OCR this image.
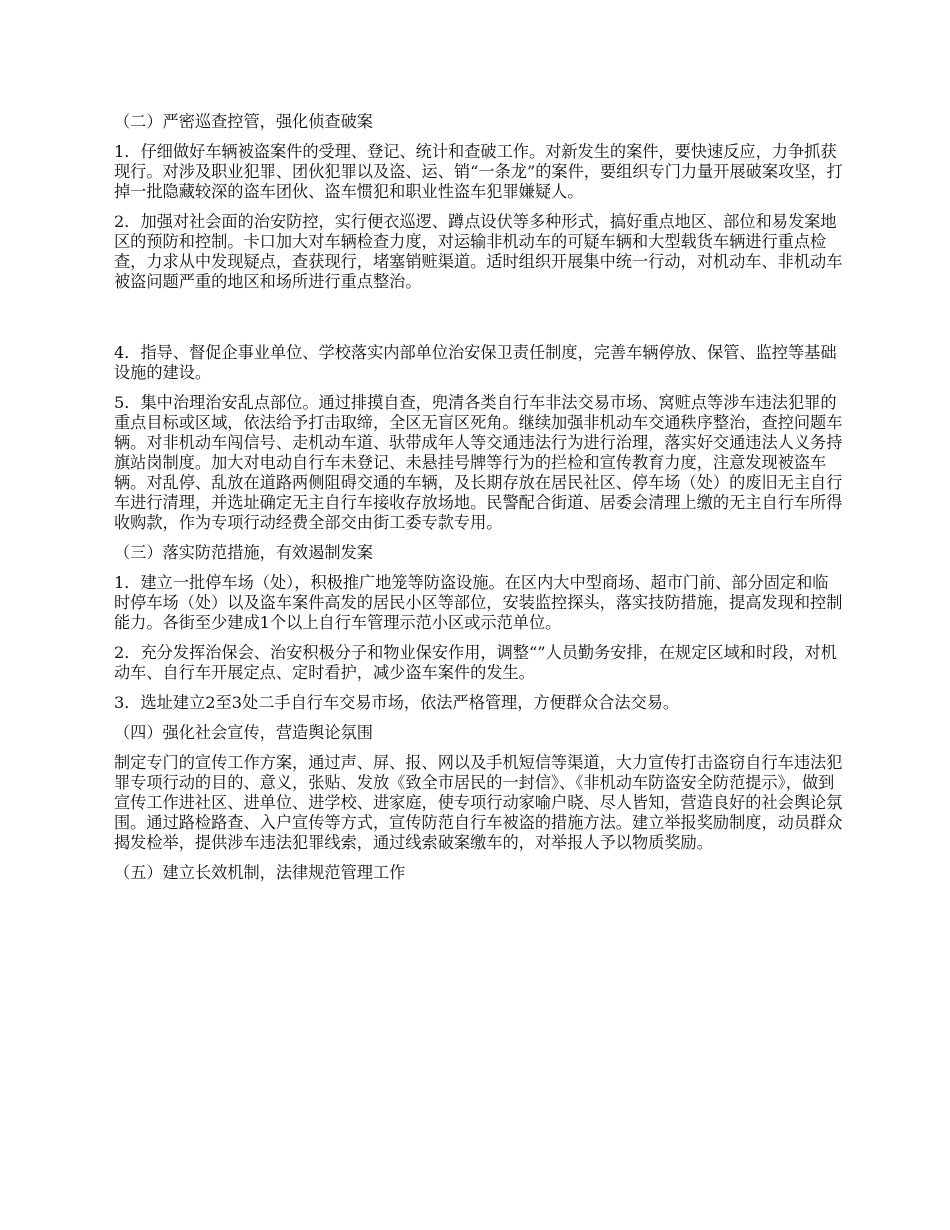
（二）严密巡查控管，强化侦查破案

1．仔细做好车辆被盗案件的受理、登记、统计和查破工作。对新发生的案件，要快速反应，力争抓获现行。对涉及职业犯罪、团伙犯罪以及盗、运、销“一条龙”的案件，要组织专门力量开展破案攻坚，打掉一批隐藏较深的盗车团伙、盗车惯犯和职业性盗车犯罪嫌疑人。

2．加强对社会面的治安防控，实行便衣巡逻、蹲点设伏等多种形式，搞好重点地区、部位和易发案地区的预防和控制。卡口加大对车辆检查力度，对运输非机动车的可疑车辆和大型载货车辆进行重点检查，力求从中发现疑点，查获现行，堵塞销赃渠道。适时组织开展集中统一行动，对机动车、非机动车被盗问题严重的地区和场所进行重点整治。

4．指导、督促企事业单位、学校落实内部单位治安保卫责任制度，完善车辆停放、保管、监控等基础设施的建设。

5．集中治理治安乱点部位。通过排摸自查，兜清各类自行车非法交易市场、窝赃点等涉车违法犯罪的重点目标或区域，依法给予打击取缔，全区无盲区死角。继续加强非机动车交通秩序整治，查控问题车辆。对非机动车闯信号、走机动车道、驮带成年人等交通违法行为进行治理，落实好交通违法人义务持旗站岗制度。加大对电动自行车未登记、未悬挂号牌等行为的拦检和宣传教育力度，注意发现被盗车辆。对乱停、乱放在道路两侧阻碍交通的车辆，及长期存放在居民社区、停车场（处）的废旧无主自行车进行清理，并选址确定无主自行车接收存放场地。民警配合街道、居委会清理上缴的无主自行车所得收购款，作为专项行动经费全部交由街工委专款专用。

（三）落实防范措施，有效遏制发案

1．建立一批停车场（处），积极推广地笼等防盗设施。在区内大中型商场、超市门前、部分固定和临时停车场（处）以及盗车案件高发的居民小区等部位，安装监控探头，落实技防措施，提高发现和控制能力。各街至少建成1个以上自行车管理示范小区或示范单位。

2．充分发挥治保会、治安积极分子和物业保安作用，调整“”人员勤务安排，在规定区域和时段，对机动车、自行车开展定点、定时看护，减少盗车案件的发生。

3．选址建立2至3处二手自行车交易市场，依法严格管理，方便群众合法交易。

（四）强化社会宣传，营造舆论氛围

制定专门的宣传工作方案，通过声、屏、报、网以及手机短信等渠道，大力宣传打击盗窃自行车违法犯罪专项行动的目的、意义，张贴、发放《致全市居民的一封信》、《非机动车防盗安全防范提示》，做到宣传工作进社区、进单位、进学校、进家庭，使专项行动家喻户晓、尽人皆知，营造良好的社会舆论氛围。通过路检路查、入户宣传等方式，宣传防范自行车被盗的措施方法。建立举报奖励制度，动员群众揭发检举，提供涉车违法犯罪线索，通过线索破案缴车的，对举报人予以物质奖励。

（五）建立长效机制，法律规范管理工作
